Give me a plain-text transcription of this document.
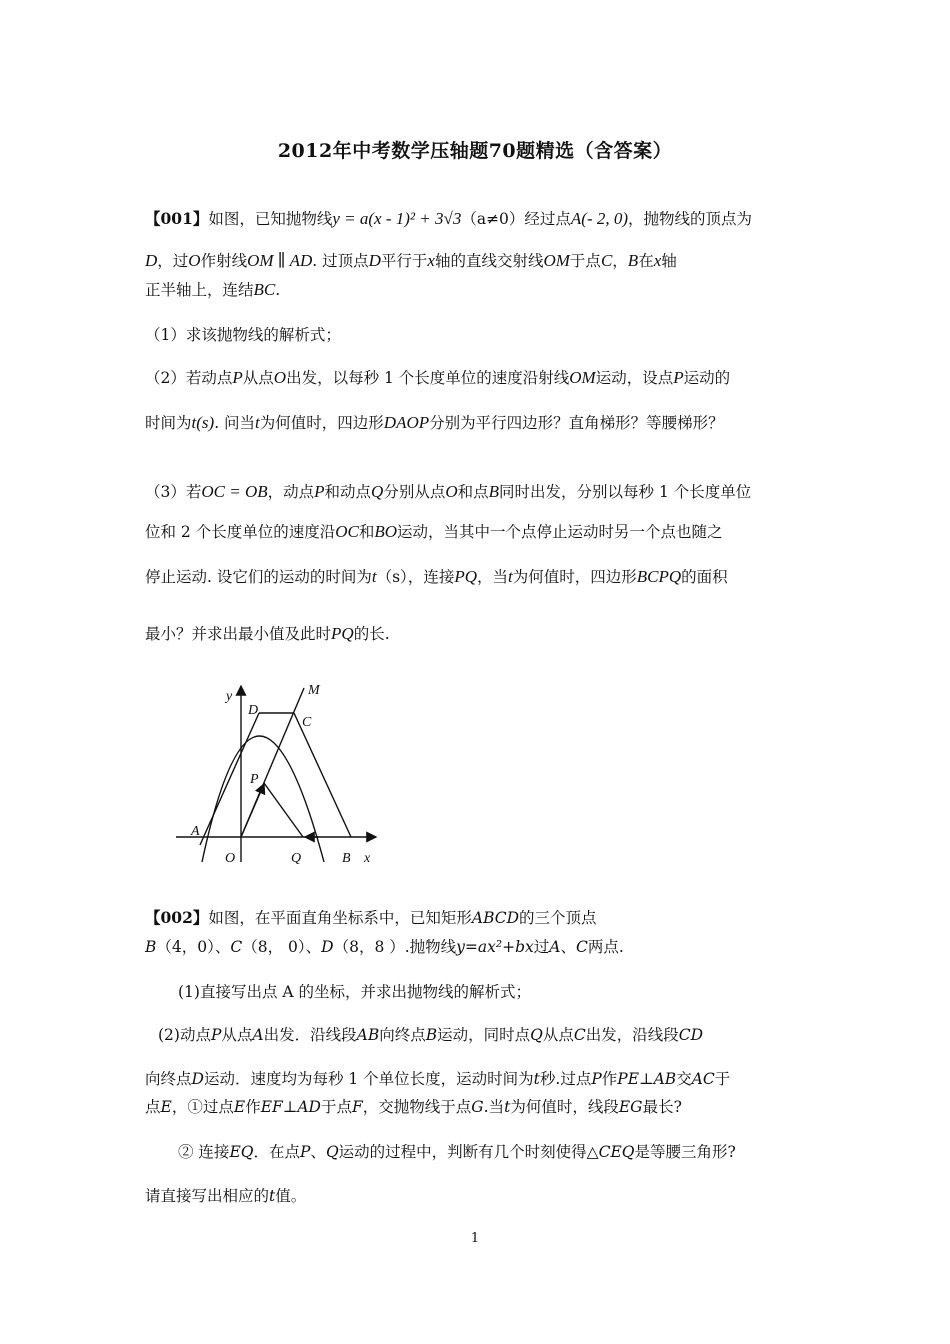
2012年中考数学压轴题70题精选（含答案）
【001】如图，已知抛物线y = a(x - 1)² + 3√3（a≠0）经过点A(- 2, 0)，抛物线的顶点为
D，过O作射线OM ∥ AD. 过顶点D平行于x轴的直线交射线OM于点C，B在x轴
正半轴上，连结BC.
（1）求该抛物线的解析式；
（2）若动点P从点O出发，以每秒 1 个长度单位的速度沿射线OM运动，设点P运动的
时间为t(s). 问当t为何值时，四边形DAOP分别为平行四边形？直角梯形？等腰梯形？
（3）若OC = OB，动点P和动点Q分别从点O和点B同时出发，分别以每秒 1 个长度单位
位和 2 个长度单位的速度沿OC和BO运动，当其中一个点停止运动时另一个点也随之
停止运动. 设它们的运动的时间为t（s），连接PQ，当t为何值时，四边形BCPQ的面积
最小？并求出最小值及此时PQ的长.
y	M
D
C
P
A
O	Q	B x
【002】如图，在平面直角坐标系中，已知矩形ABCD的三个顶点
B（4，0）、C（8， 0）、D（8，8 ）.抛物线y=ax²+bx过A、C两点.
(1)直接写出点 A 的坐标，并求出抛物线的解析式；
(2)动点P从点A出发．沿线段AB向终点B运动，同时点Q从点C出发，沿线段CD
向终点D运动．速度均为每秒 1 个单位长度，运动时间为t秒.过点P作PE⊥AB交AC于
点E，①过点E作EF⊥AD于点F，交抛物线于点G.当t为何值时，线段EG最长?
② 连接EQ．在点P、Q运动的过程中，判断有几个时刻使得△CEQ是等腰三角形?
请直接写出相应的t值。
1
